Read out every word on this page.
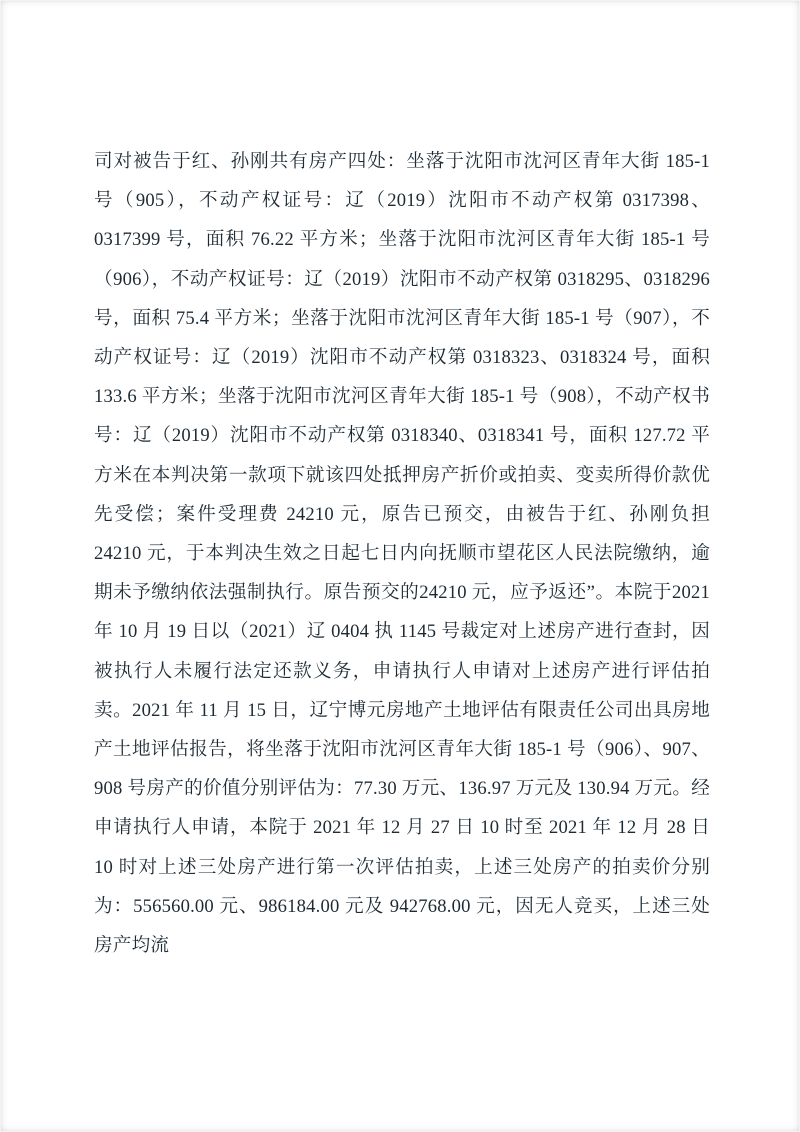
司对被告于红、孙刚共有房产四处：坐落于沈阳市沈河区青年大街 185-1 号（905），不动产权证号：辽（2019）沈阳市不动产权第 0317398、0317399 号，面积 76.22 平方米；坐落于沈阳市沈河区青年大街 185-1 号（906），不动产权证号：辽（2019）沈阳市不动产权第 0318295、0318296 号，面积 75.4 平方米；坐落于沈阳市沈河区青年大街 185-1 号（907），不动产权证号：辽（2019）沈阳市不动产权第 0318323、0318324 号，面积 133.6 平方米；坐落于沈阳市沈河区青年大街 185-1 号（908），不动产权书号：辽（2019）沈阳市不动产权第 0318340、0318341 号，面积 127.72 平方米在本判决第一款项下就该四处抵押房产折价或拍卖、变卖所得价款优先受偿；案件受理费 24210 元，原告已预交，由被告于红、孙刚负担 24210 元，于本判决生效之日起七日内向抚顺市望花区人民法院缴纳，逾期未予缴纳依法强制执行。原告预交的24210 元，应予返还”。本院于2021 年 10 月 19 日以（2021）辽 0404 执 1145 号裁定对上述房产进行查封，因被执行人未履行法定还款义务，申请执行人申请对上述房产进行评估拍卖。2021 年 11 月 15 日，辽宁博元房地产土地评估有限责任公司出具房地产土地评估报告，将坐落于沈阳市沈河区青年大街 185-1 号（906）、907、908 号房产的价值分别评估为：77.30 万元、136.97 万元及 130.94 万元。经申请执行人申请，本院于 2021 年 12 月 27 日 10 时至 2021 年 12 月 28 日 10 时对上述三处房产进行第一次评估拍卖，上述三处房产的拍卖价分别为：556560.00 元、986184.00 元及 942768.00 元，因无人竞买，上述三处房产均流
